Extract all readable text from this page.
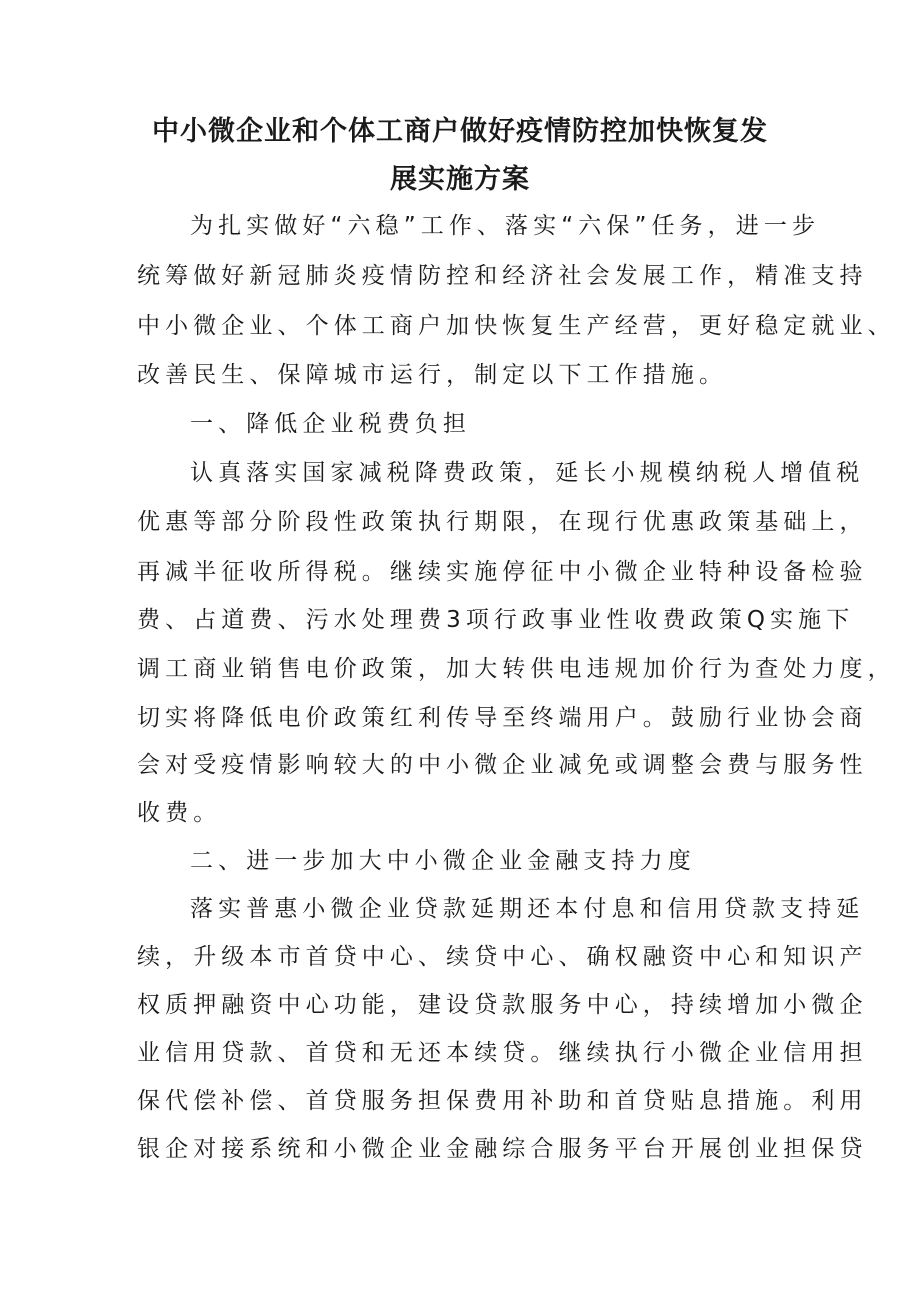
中小微企业和个体工商户做好疫情防控加快恢复发
展实施方案

为扎实做好“六稳”工作、落实“六保”任务，进一步

统筹做好新冠肺炎疫情防控和经济社会发展工作，精准支持

中小微企业、个体工商户加快恢复生产经营，更好稳定就业、

改善民生、保障城市运行，制定以下工作措施。

一、降低企业税费负担

认真落实国家减税降费政策，延长小规模纳税人增值税

优惠等部分阶段性政策执行期限，在现行优惠政策基础上，

再减半征收所得税。继续实施停征中小微企业特种设备检验

费、占道费、污水处理费3项行政事业性收费政策Q实施下

调工商业销售电价政策，加大转供电违规加价行为查处力度，

切实将降低电价政策红利传导至终端用户。鼓励行业协会商

会对受疫情影响较大的中小微企业减免或调整会费与服务性

收费。

二、进一步加大中小微企业金融支持力度

落实普惠小微企业贷款延期还本付息和信用贷款支持延

续，升级本市首贷中心、续贷中心、确权融资中心和知识产

权质押融资中心功能，建设贷款服务中心，持续增加小微企

业信用贷款、首贷和无还本续贷。继续执行小微企业信用担

保代偿补偿、首贷服务担保费用补助和首贷贴息措施。利用

银企对接系统和小微企业金融综合服务平台开展创业担保贷
